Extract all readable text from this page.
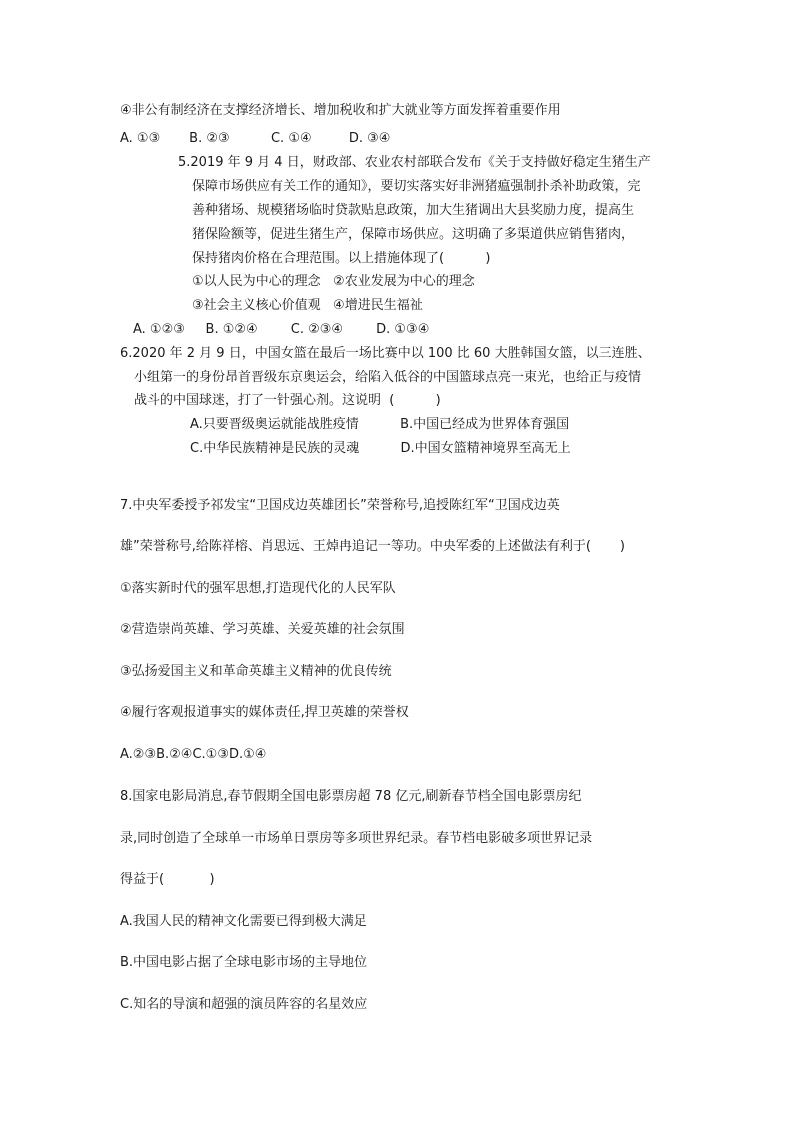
④非公有制经济在支撑经济增长、增加税收和扩大就业等方面发挥着重要作用
A. ①③       B. ②③          C. ①④         D. ③④
5.2019 年 9 月 4 日，财政部、农业农村部联合发布《关于支持做好稳定生猪生产
保障市场供应有关工作的通知》，要切实落实好非洲猪瘟强制扑杀补助政策，完
善种猪场、规模猪场临时贷款贴息政策，加大生猪调出大县奖励力度，提高生
猪保险额等，促进生猪生产，保障市场供应。这明确了多渠道供应销售猪肉，
保持猪肉价格在合理范围。以上措施体现了(          )
①以人民为中心的理念   ②农业发展为中心的理念
③社会主义核心价值观   ④增进民生福祉
A. ①②③     B. ①②④        C. ②③④        D. ①③④
6.2020 年 2 月 9 日，中国女篮在最后一场比赛中以 100 比 60 大胜韩国女篮，以三连胜、
小组第一的身份昂首晋级东京奥运会，给陷入低谷的中国篮球点亮一束光，也给正与疫情
战斗的中国球迷，打了一针强心剂。这说明  (          )
A.只要晋级奥运就能战胜疫情          B.中国已经成为世界体育强国
C.中华民族精神是民族的灵魂          D.中国女篮精神境界至高无上
7.中央军委授予祁发宝“卫国戍边英雄团长”荣誉称号,追授陈红军“卫国戍边英
雄”荣誉称号,给陈祥榕、肖思远、王焯冉追记一等功。中央军委的上述做法有利于(       )
①落实新时代的强军思想,打造现代化的人民军队
②营造崇尚英雄、学习英雄、关爱英雄的社会氛围
③弘扬爱国主义和革命英雄主义精神的优良传统
④履行客观报道事实的媒体责任,捍卫英雄的荣誉权
A.②③B.②④C.①③D.①④
8.国家电影局消息,春节假期全国电影票房超 78 亿元,刷新春节档全国电影票房纪
录,同时创造了全球单一市场单日票房等多项世界纪录。春节档电影破多项世界记录
得益于(           )
A.我国人民的精神文化需要已得到极大满足
B.中国电影占据了全球电影市场的主导地位
C.知名的导演和超强的演员阵容的名星效应
